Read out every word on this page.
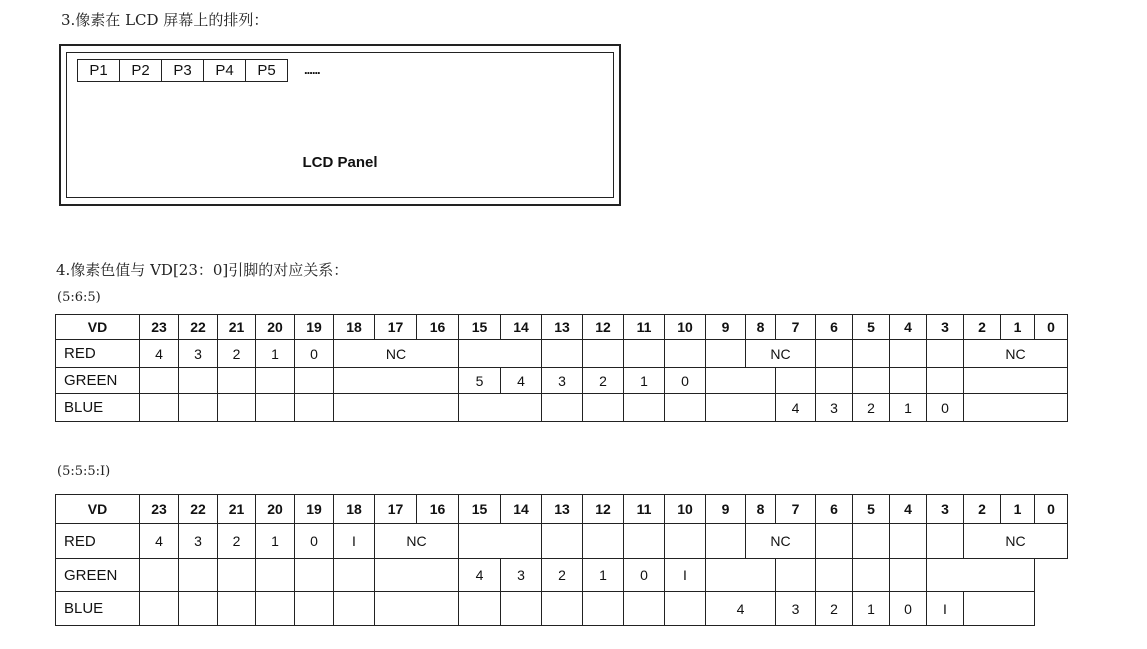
3.像素在 LCD 屏幕上的排列：
P1	P2	P3	P4	P5	......
LCD Panel
4.像素色值与 VD[23：0]引脚的对应关系：
(5:6:5)
VD	23	22	21	20	19	18	17	16	15	14	13	12	11	10	9	8	7	6	5	4	3	2	1	0
RED	4	3	2	1	0	NC										NC						NC		
GREEN									5	4	3	2	1	0										
BLUE																	4	3	2	1	0			
(5:5:5:I)
VD	23	22	21	20	19	18	17	16	15	14	13	12	11	10	9	8	7	6	5	4	3	2	1	0
RED	4	3	2	1	0	I	NC									NC						NC		
GREEN									4	3	2	1	0	I										
BLUE															4		3	2	1	0	I			
